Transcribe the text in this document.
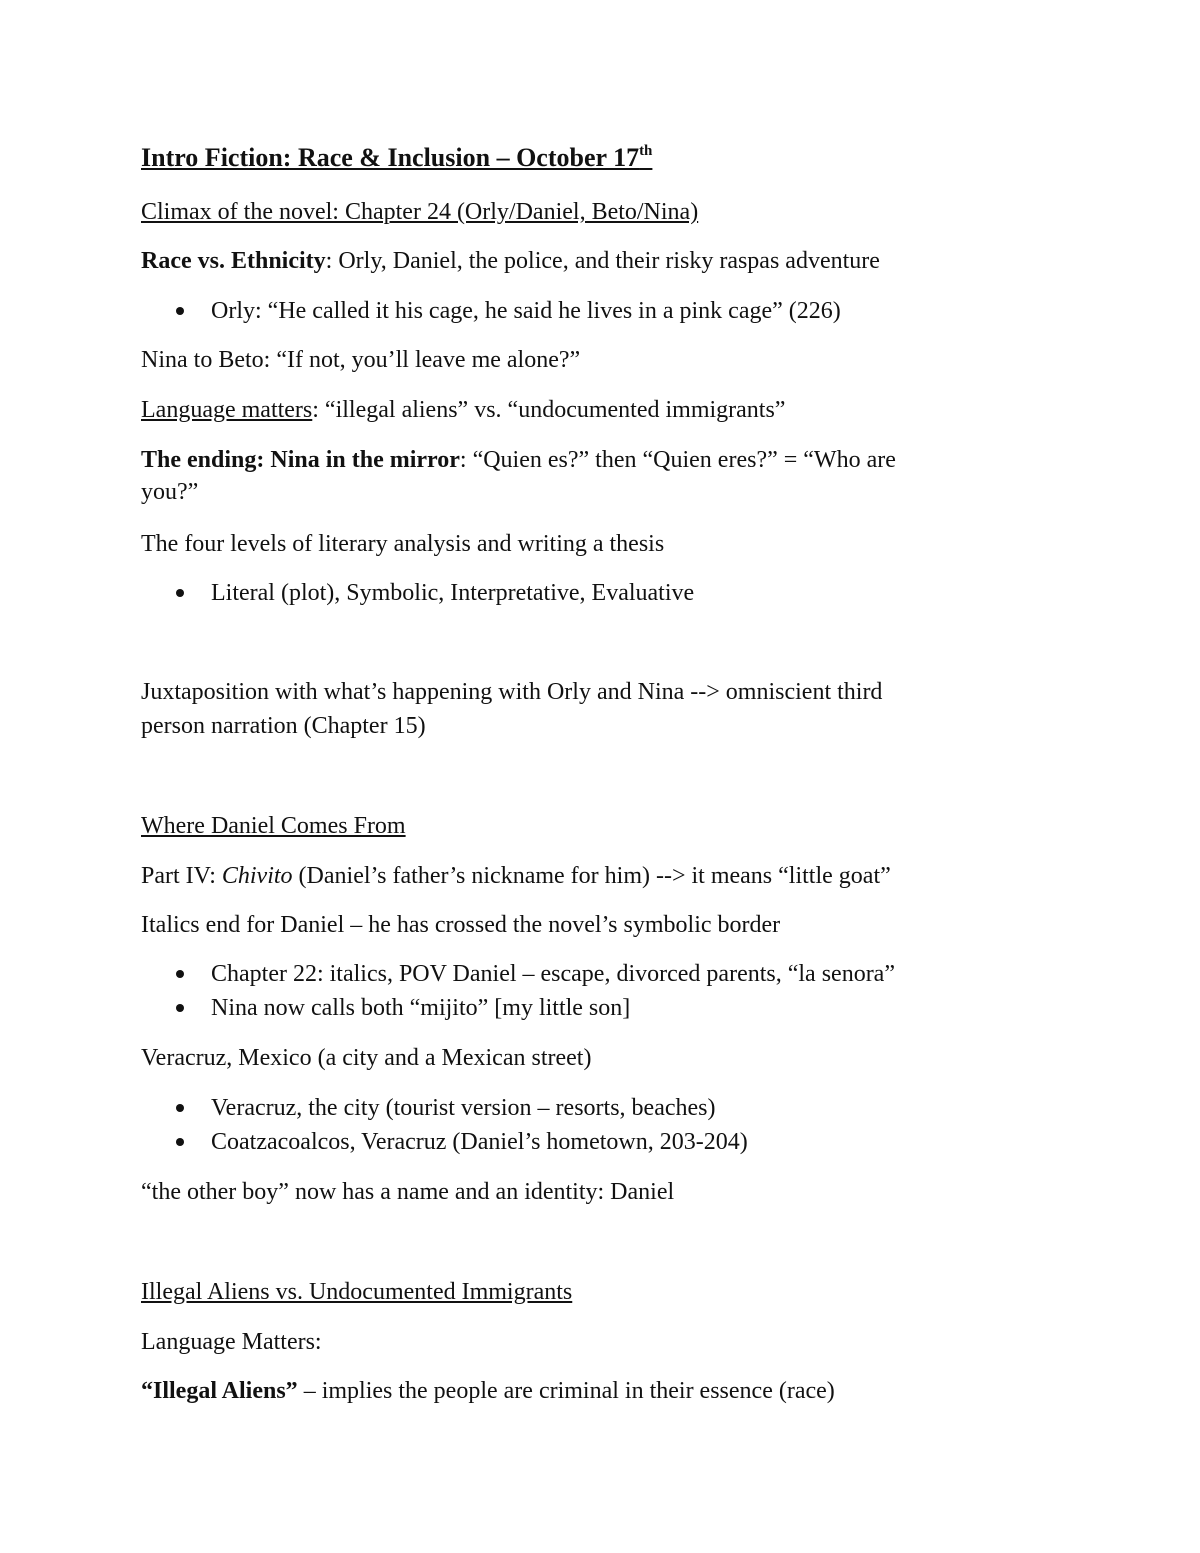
Intro Fiction: Race & Inclusion – October 17th
Climax of the novel: Chapter 24 (Orly/Daniel, Beto/Nina)
Race vs. Ethnicity: Orly, Daniel, the police, and their risky raspas adventure
Orly: “He called it his cage, he said he lives in a pink cage” (226)
Nina to Beto: “If not, you’ll leave me alone?”
Language matters: “illegal aliens” vs. “undocumented immigrants”
The ending: Nina in the mirror: “Quien es?” then “Quien eres?” = “Who are
you?”
The four levels of literary analysis and writing a thesis
Literal (plot), Symbolic, Interpretative, Evaluative
Juxtaposition with what’s happening with Orly and Nina --> omniscient third
person narration (Chapter 15)
Where Daniel Comes From
Part IV: Chivito (Daniel’s father’s nickname for him) --> it means “little goat”
Italics end for Daniel – he has crossed the novel’s symbolic border
Chapter 22: italics, POV Daniel – escape, divorced parents, “la senora”
Nina now calls both “mijito” [my little son]
Veracruz, Mexico (a city and a Mexican street)
Veracruz, the city (tourist version – resorts, beaches)
Coatzacoalcos, Veracruz (Daniel’s hometown, 203-204)
“the other boy” now has a name and an identity: Daniel
Illegal Aliens vs. Undocumented Immigrants
Language Matters:
“Illegal Aliens” – implies the people are criminal in their essence (race)
